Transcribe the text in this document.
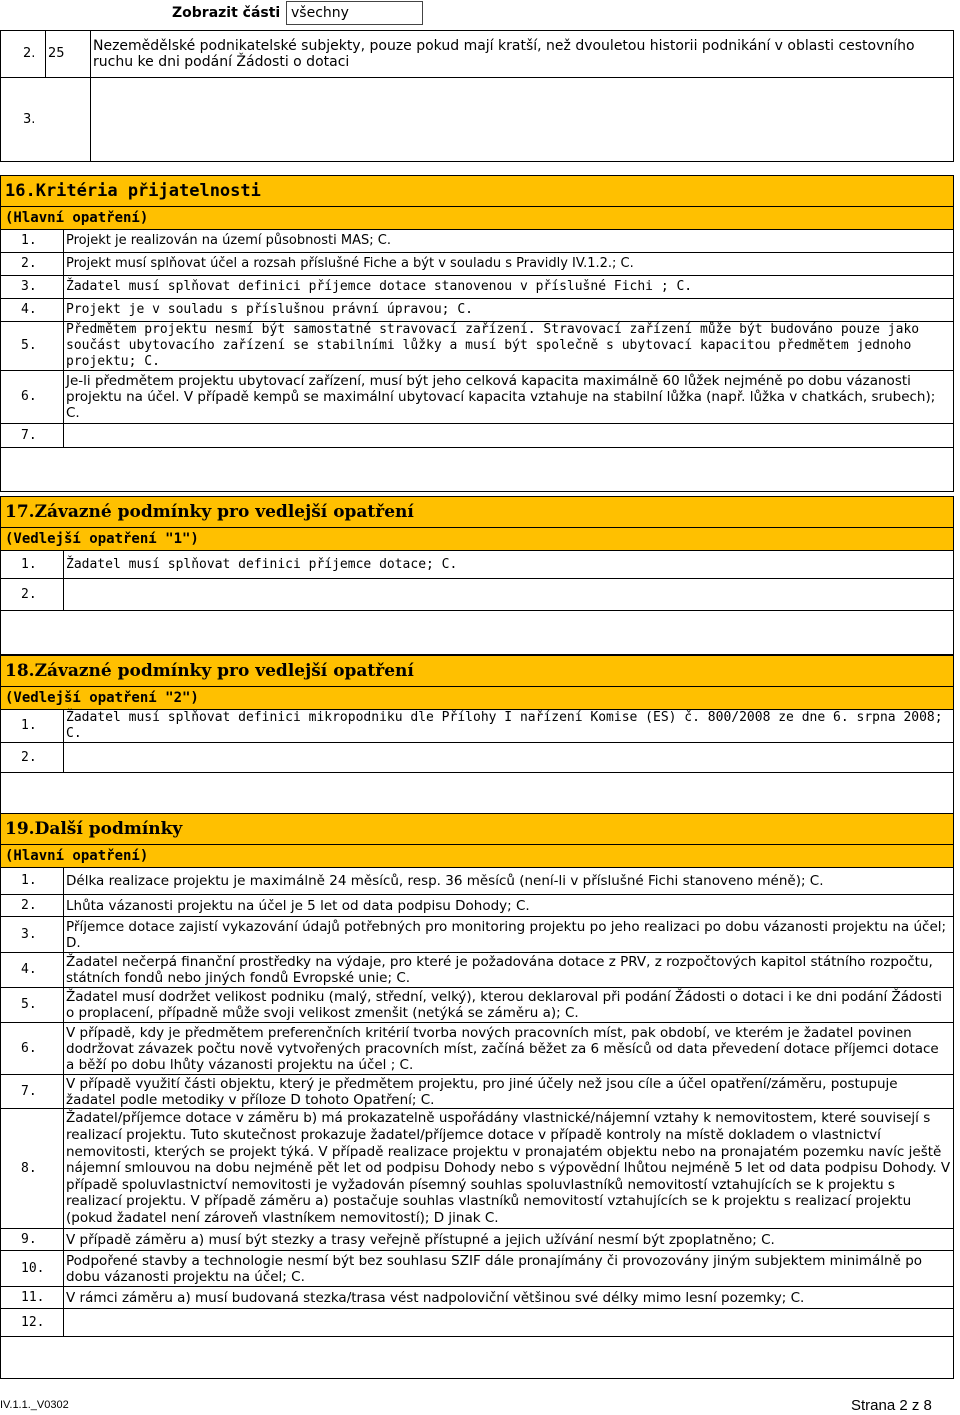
Zobrazit části všechny
2.	25	Nezemědělské podnikatelské subjekty, pouze pokud mají kratší, než dvouletou historii podnikání v oblasti cestovního ruchu ke dni podání Žádosti o dotaci
3.		
16.Kritéria přijatelnosti	
(Hlavní opatření)	
1.	Projekt je realizován na území působnosti MAS; C.
2.	Projekt musí splňovat účel a rozsah příslušné Fiche a být v souladu s Pravidly IV.1.2.; C.
3.	Žadatel musí splňovat definici příjemce dotace stanovenou v příslušné Fichi ; C.
4.	Projekt je v souladu s příslušnou právní úpravou; C.
5.	Předmětem projektu nesmí být samostatné stravovací zařízení. Stravovací zařízení může být budováno pouze jako součást ubytovacího zařízení se stabilními lůžky a musí být společně s ubytovací kapacitou předmětem jednoho projektu; C.
6.	Je-li předmětem projektu ubytovací zařízení, musí být jeho celková kapacita maximálně 60 lůžek nejméně po dobu vázanosti projektu na účel. V případě kempů se maximální ubytovací kapacita vztahuje na stabilní lůžka (např. lůžka v chatkách, srubech); C.
7.	

17.Závazné podmínky pro vedlejší opatření	
(Vedlejší opatření "1")	
1.	Žadatel musí splňovat definici příjemce dotace; C.
2.	

18.Závazné podmínky pro vedlejší opatření	
(Vedlejší opatření "2")	
1.	Žadatel musí splňovat definici mikropodniku dle Přílohy I nařízení Komise (ES) č. 800/2008 ze dne 6. srpna 2008; C.
2.	

19.Další podmínky	
(Hlavní opatření)	
1.	Délka realizace projektu je maximálně 24 měsíců, resp. 36 měsíců (není-li v příslušné Fichi stanoveno méně); C.
2.	Lhůta vázanosti projektu na účel je 5 let od data podpisu Dohody; C.
3.	Příjemce dotace zajistí vykazování údajů potřebných pro monitoring projektu po jeho realizaci po dobu vázanosti projektu na účel; D.
4.	Žadatel nečerpá finanční prostředky na výdaje, pro které je požadována dotace z PRV, z rozpočtových kapitol státního rozpočtu, státních fondů nebo jiných fondů Evropské unie; C.
5.	Žadatel musí dodržet velikost podniku (malý, střední, velký), kterou deklaroval při podání Žádosti o dotaci i ke dni podání Žádosti o proplacení, případně může svoji velikost zmenšit (netýká se záměru a); C.
6.	V případě, kdy je předmětem preferenčních kritérií tvorba nových pracovních míst, pak období, ve kterém je žadatel povinen dodržovat závazek počtu nově vytvořených pracovních míst, začíná běžet za 6 měsíců od data převedení dotace příjemci dotace a běží po dobu lhůty vázanosti projektu na účel ; C.
7.	V případě využití části objektu, který je předmětem projektu, pro jiné účely než jsou cíle a účel opatření/záměru, postupuje žadatel podle metodiky v příloze D tohoto Opatření; C.
8.	Žadatel/příjemce dotace v záměru b) má prokazatelně uspořádány vlastnické/nájemní vztahy k nemovitostem, které souvisejí s realizací projektu. Tuto skutečnost prokazuje žadatel/příjemce dotace v případě kontroly na místě dokladem o vlastnictví nemovitosti, kterých se projekt týká. V případě realizace projektu v pronajatém objektu nebo na pronajatém pozemku navíc ještě nájemní smlouvou na dobu nejméně pět let od podpisu Dohody nebo s výpovědní lhůtou nejméně 5 let od data podpisu Dohody. V případě spoluvlastnictví nemovitosti je vyžadován písemný souhlas spoluvlastníků nemovitostí vztahujících se k projektu s realizací projektu. V případě záměru a) postačuje souhlas vlastníků nemovitostí vztahujících se k projektu s realizací projektu (pokud žadatel není zároveň vlastníkem nemovitostí); D jinak C.
9.	V případě záměru a) musí být stezky a trasy veřejně přístupné a jejich užívání nesmí být zpoplatněno; C.
10.	Podpořené stavby a technologie nesmí být bez souhlasu SZIF dále pronajímány či provozovány jiným subjektem minimálně po dobu vázanosti projektu na účel; C.
11.	V rámci záměru a) musí budovaná stezka/trasa vést nadpoloviční většinou své délky mimo lesní pozemky; C.
12.	

IV.1.1._V0302	Strana 2 z 8
